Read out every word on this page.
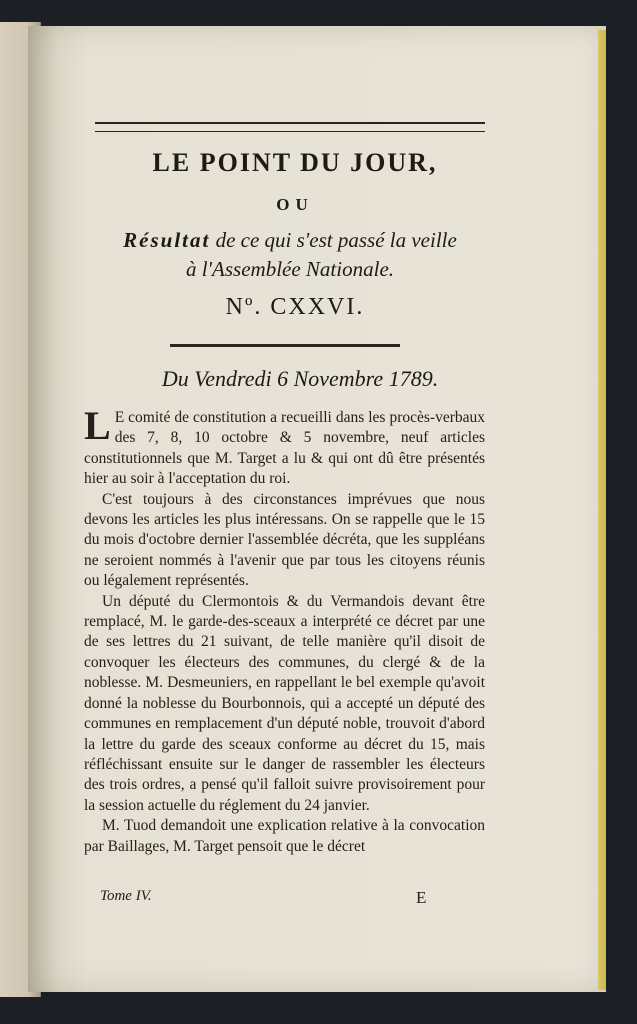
LE POINT DU JOUR,
OU
Résultat de ce qui s'est passé la veille
à l'Assemblée Nationale.
Nº. CXXVI.
Du Vendredi 6 Novembre 1789.

L E comité de constitution a recueilli dans les procès-verbaux des 7, 8, 10 octobre & 5 novembre, neuf articles constitutionnels que M. Target a lu & qui ont dû être présentés hier au soir à l'acceptation du roi.

C'est toujours à des circonstances imprévues que nous devons les articles les plus intéressans. On se rappelle que le 15 du mois d'octobre dernier l'assemblée décréta, que les suppléans ne seroient nommés à l'avenir que par tous les citoyens réunis ou légalement représentés.

Un député du Clermontois & du Vermandois devant être remplacé, M. le garde-des-sceaux a interprété ce décret par une de ses lettres du 21 suivant, de telle manière qu'il disoit de convoquer les électeurs des communes, du clergé & de la noblesse. M. Desmeuniers, en rappellant le bel exemple qu'avoit donné la noblesse du Bourbonnois, qui a accepté un député des communes en remplacement d'un député noble, trouvoit d'abord la lettre du garde des sceaux conforme au décret du 15, mais réfléchissant ensuite sur le danger de rassembler les électeurs des trois ordres, a pensé qu'il falloit suivre provisoirement pour la session actuelle du réglement du 24 janvier.

M. Tuod demandoit une explication relative à la convocation par Baillages, M. Target pensoit que le décret

Tome IV.	E
